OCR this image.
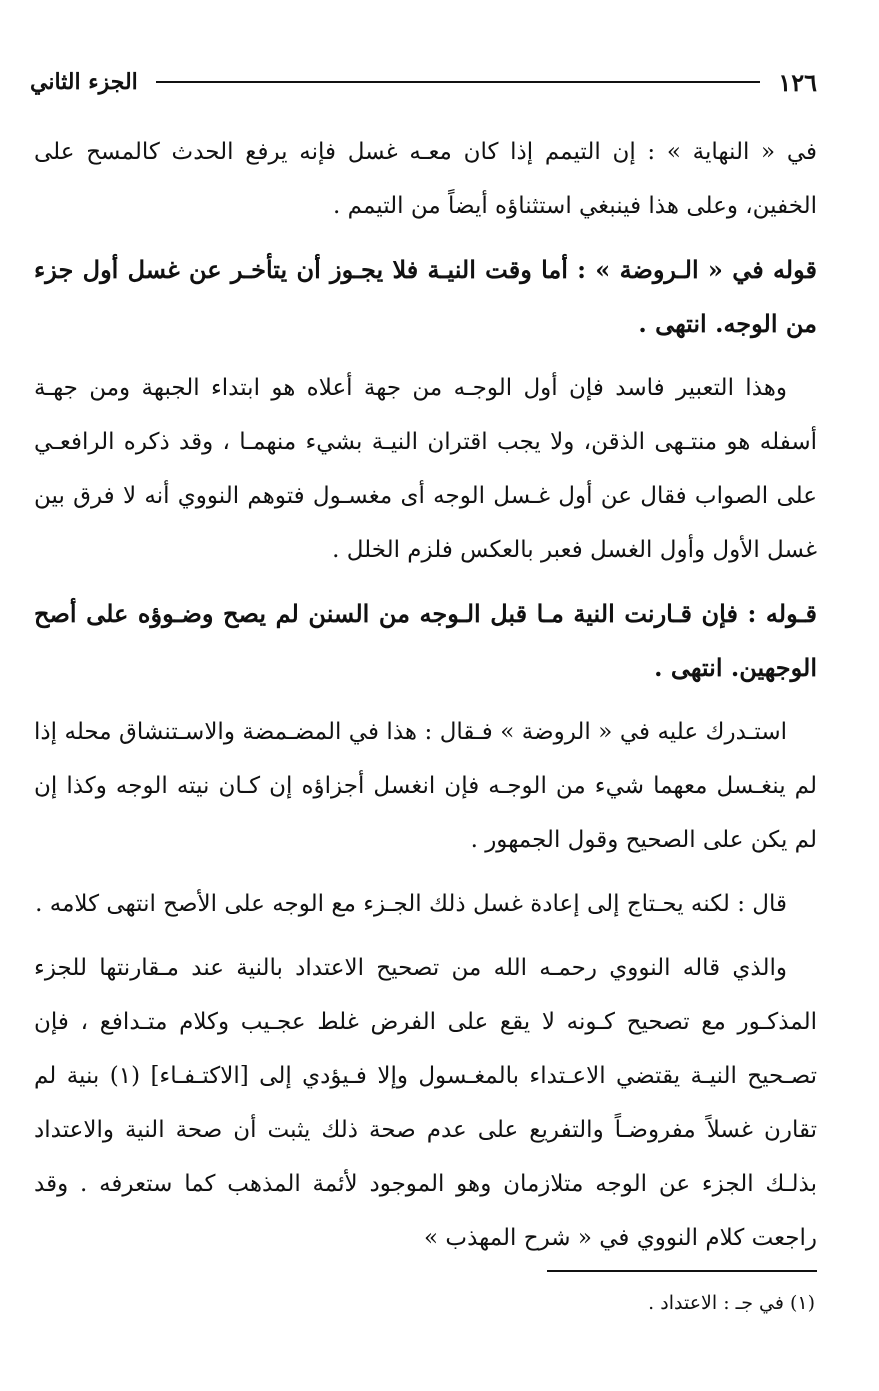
١٢٦
الجزء الثاني

في « النهاية » : إن التيمم إذا كان معـه غسل فإنه يرفع الحدث كالمسح على الخفين، وعلى هذا فينبغي استثناؤه أيضاً من التيمم .

قوله في « الـروضة » : أما وقت النيـة فلا يجـوز أن يتأخـر عن غسل أول جزء من الوجه. انتهى .

وهذا التعبير فاسد فإن أول الوجـه من جهة أعلاه هو ابتداء الجبهة ومن جهـة أسفله هو منتـهى الذقن، ولا يجب اقتران النيـة بشيء منهمـا ، وقد ذكره الرافعـي على الصواب فقال عن أول غـسل الوجه أى مغسـول فتوهم النووي أنه لا فرق بين غسل الأول وأول الغسل فعبر بالعكس فلزم الخلل .

قـوله : فإن قـارنت النية مـا قبل الـوجه من السنن لم يصح وضـوؤه على أصح الوجهين. انتهى .

استـدرك عليه في « الروضة » فـقال : هذا في المضـمضة والاسـتنشاق محله إذا لم ينغـسل معهما شيء من الوجـه فإن انغسل أجزاؤه إن كـان نيته الوجه وكذا إن لم يكن على الصحيح وقول الجمهور .

قال : لكنه يحـتاج إلى إعادة غسل ذلك الجـزء مع الوجه على الأصح انتهى كلامه .

والذي قاله النووي رحمـه الله من تصحيح الاعتداد بالنية عند مـقارنتها للجزء المذكـور مع تصحيح كـونه لا يقع على الفرض غلط عجـيب وكلام متـدافع ، فإن تصـحيح النيـة يقتضي الاعـتداء بالمغـسول وإلا فـيؤدي إلى [الاكتـفـاء] (١) بنية لم تقارن غسلاً مفروضـاً والتفريع على عدم صحة ذلك يثبت أن صحة النية والاعتداد بذلـك الجزء عن الوجه متلازمان وهو الموجود لأئمة المذهب كما ستعرفه . وقد راجعت كلام النووي في « شرح المهذب »

(١) في جـ : الاعتداد .
